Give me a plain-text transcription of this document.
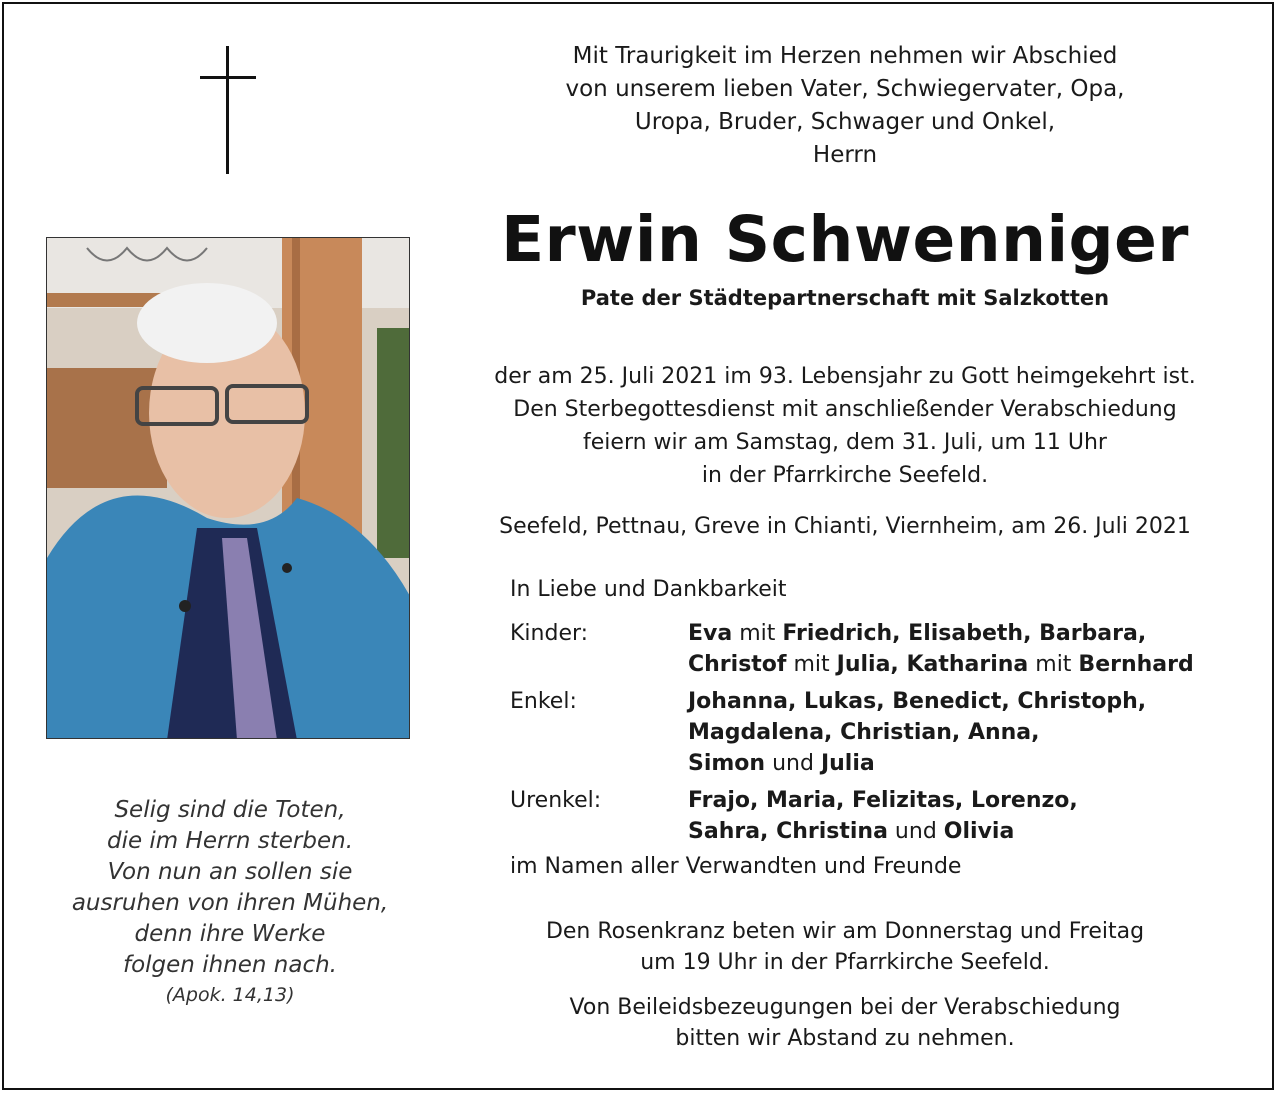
Selig sind die Toten,
die im Herrn sterben.
Von nun an sollen sie
ausruhen von ihren Mühen,
denn ihre Werke
folgen ihnen nach.
(Apok. 14,13)
Mit Traurigkeit im Herzen nehmen wir Abschied
von unserem lieben Vater, Schwiegervater, Opa,
Uropa, Bruder, Schwager und Onkel,
Herrn
Erwin Schwenniger
Pate der Städtepartnerschaft mit Salzkotten
der am 25. Juli 2021 im 93. Lebensjahr zu Gott heimgekehrt ist.
Den Sterbegottesdienst mit anschließender Verabschiedung
feiern wir am Samstag, dem 31. Juli, um 11 Uhr
in der Pfarrkirche Seefeld.
Seefeld, Pettnau, Greve in Chianti, Viernheim, am 26. Juli 2021
In Liebe und Dankbarkeit
Kinder:	Eva mit Friedrich, Elisabeth, Barbara,
Christof mit Julia, Katharina mit Bernhard
Enkel:	Johanna, Lukas, Benedict, Christoph,
Magdalena, Christian, Anna,
Simon und Julia
Urenkel:	Frajo, Maria, Felizitas, Lorenzo,
Sahra, Christina und Olivia
im Namen aller Verwandten und Freunde
Den Rosenkranz beten wir am Donnerstag und Freitag
um 19 Uhr in der Pfarrkirche Seefeld.
Von Beileidsbezeugungen bei der Verabschiedung
bitten wir Abstand zu nehmen.
